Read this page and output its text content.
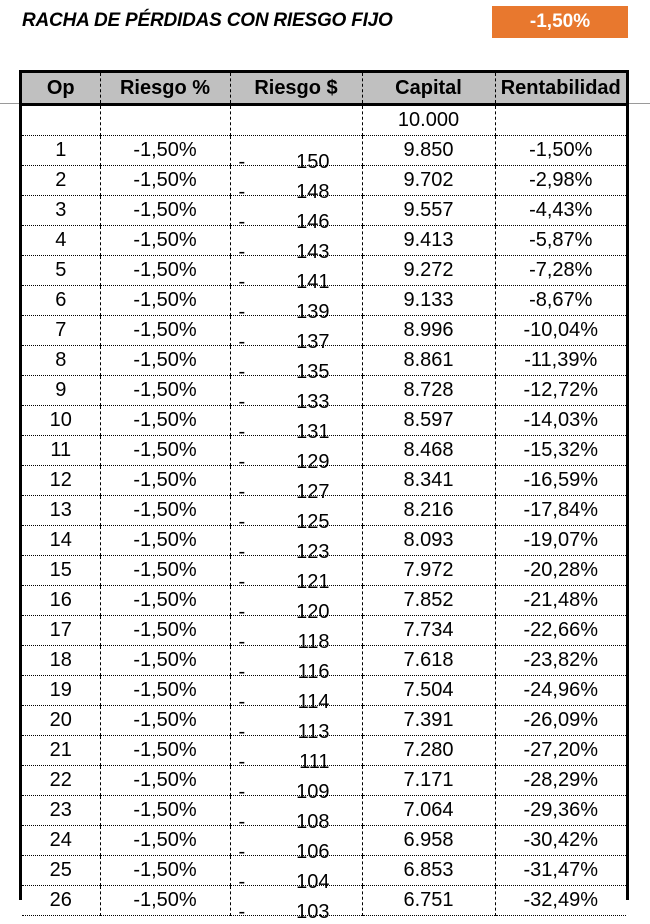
RACHA DE PÉRDIDAS CON RIESGO FIJO	-1,50%
Op	Riesgo %	Riesgo $	Capital	Rentabilidad
			10.000	
1	-1,50%	- 150	9.850	-1,50%
2	-1,50%	- 148	9.702	-2,98%
3	-1,50%	- 146	9.557	-4,43%
4	-1,50%	- 143	9.413	-5,87%
5	-1,50%	- 141	9.272	-7,28%
6	-1,50%	- 139	9.133	-8,67%
7	-1,50%	- 137	8.996	-10,04%
8	-1,50%	- 135	8.861	-11,39%
9	-1,50%	- 133	8.728	-12,72%
10	-1,50%	- 131	8.597	-14,03%
11	-1,50%	- 129	8.468	-15,32%
12	-1,50%	- 127	8.341	-16,59%
13	-1,50%	- 125	8.216	-17,84%
14	-1,50%	- 123	8.093	-19,07%
15	-1,50%	- 121	7.972	-20,28%
16	-1,50%	- 120	7.852	-21,48%
17	-1,50%	- 118	7.734	-22,66%
18	-1,50%	- 116	7.618	-23,82%
19	-1,50%	- 114	7.504	-24,96%
20	-1,50%	- 113	7.391	-26,09%
21	-1,50%	- 111	7.280	-27,20%
22	-1,50%	- 109	7.171	-28,29%
23	-1,50%	- 108	7.064	-29,36%
24	-1,50%	- 106	6.958	-30,42%
25	-1,50%	- 104	6.853	-31,47%
26	-1,50%	- 103	6.751	-32,49%
